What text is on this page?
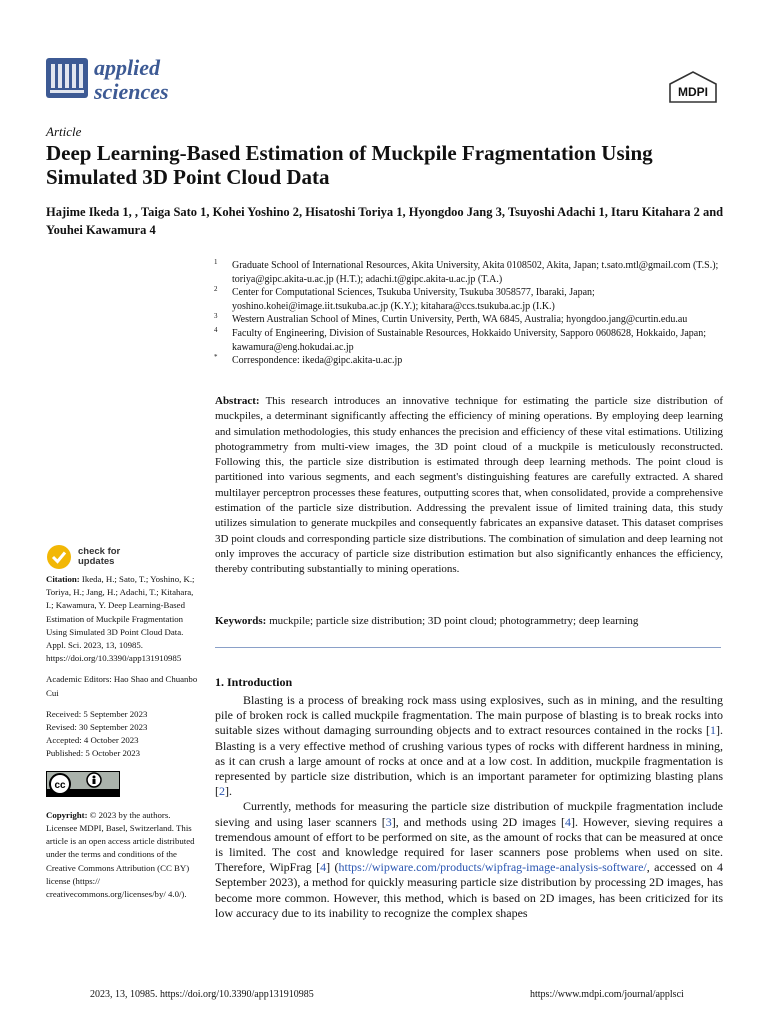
applied
sciences	MDPI
Article
Deep Learning-Based Estimation of Muckpile Fragmentation Using Simulated 3D Point Cloud Data
Hajime Ikeda 1, , Taiga Sato 1, Kohei Yoshino 2, Hisatoshi Toriya 1, Hyongdoo Jang 3, Tsuyoshi Adachi 1, Itaru Kitahara 2 and Youhei Kawamura 4
1 Graduate School of International Resources, Akita University, Akita 0108502, Akita, Japan; t.sato.mtl@gmail.com (T.S.); toriya@gipc.akita-u.ac.jp (H.T.); adachi.t@gipc.akita-u.ac.jp (T.A.)
2 Center for Computational Sciences, Tsukuba University, Tsukuba 3058577, Ibaraki, Japan; yoshino.kohei@image.iit.tsukuba.ac.jp (K.Y.); kitahara@ccs.tsukuba.ac.jp (I.K.)
3 Western Australian School of Mines, Curtin University, Perth, WA 6845, Australia; hyongdoo.jang@curtin.edu.au
4 Faculty of Engineering, Division of Sustainable Resources, Hokkaido University, Sapporo 0608628, Hokkaido, Japan; kawamura@eng.hokudai.ac.jp
* Correspondence: ikeda@gipc.akita-u.ac.jp
Abstract: This research introduces an innovative technique for estimating the particle size distribution of muckpiles, a determinant significantly affecting the efficiency of mining operations. By employing deep learning and simulation methodologies, this study enhances the precision and efficiency of these vital estimations. Utilizing photogrammetry from multi-view images, the 3D point cloud of a muckpile is meticulously reconstructed. Following this, the particle size distribution is estimated through deep learning methods. The point cloud is partitioned into various segments, and each segment's distinguishing features are carefully extracted. A shared multilayer perceptron processes these features, outputting scores that, when consolidated, provide a comprehensive estimation of the particle size distribution. Addressing the prevalent issue of limited training data, this study utilizes simulation to generate muckpiles and consequently fabricates an expansive dataset. This dataset comprises 3D point clouds and corresponding particle size distributions. The combination of simulation and deep learning not only improves the accuracy of particle size distribution estimation but also significantly enhances the efficiency, thereby contributing substantially to mining operations.
Keywords: muckpile; particle size distribution; 3D point cloud; photogrammetry; deep learning
check for
updates
Citation: Ikeda, H.; Sato, T.; Yoshino, K.; Toriya, H.; Jang, H.; Adachi, T.; Kitahara, I.; Kawamura, Y. Deep Learning-Based Estimation of Muckpile Fragmentation Using Simulated 3D Point Cloud Data. Appl. Sci. 2023, 13, 10985. https://doi.org/10.3390/app131910985
Academic Editors: Hao Shao and Chuanbo Cui
Received: 5 September 2023
Revised: 30 September 2023
Accepted: 4 October 2023
Published: 5 October 2023
cc
Copyright: © 2023 by the authors. Licensee MDPI, Basel, Switzerland. This article is an open access article distributed under the terms and conditions of the Creative Commons Attribution (CC BY) license (https:// creativecommons.org/licenses/by/ 4.0/).
1. Introduction

Blasting is a process of breaking rock mass using explosives, such as in mining, and the resulting pile of broken rock is called muckpile fragmentation. The main purpose of blasting is to break rocks into suitable sizes without damaging surrounding objects and to extract resources contained in the rocks [1]. Blasting is a very effective method of crushing various types of rocks with different hardness in mining, as it can crush a large amount of rocks at once and at a low cost. In addition, muckpile fragmentation is represented by particle size distribution, which is an important parameter for optimizing blasting plans [2].

Currently, methods for measuring the particle size distribution of muckpile fragmentation include sieving and using laser scanners [3], and methods using 2D images [4]. However, sieving requires a tremendous amount of effort to be performed on site, as the amount of rocks that can be measured at once is limited. The cost and knowledge required for laser scanners pose problems when used on site. Therefore, WipFrag [4] (https://wipware.com/products/wipfrag-image-analysis-software/, accessed on 4 September 2023), a method for quickly measuring particle size distribution by processing 2D images, has become more common. However, this method, which is based on 2D images, has been criticized for its low accuracy due to its inability to recognize the complex shapes

2023, 13, 10985. https://doi.org/10.3390/app131910985	https://www.mdpi.com/journal/applsci
